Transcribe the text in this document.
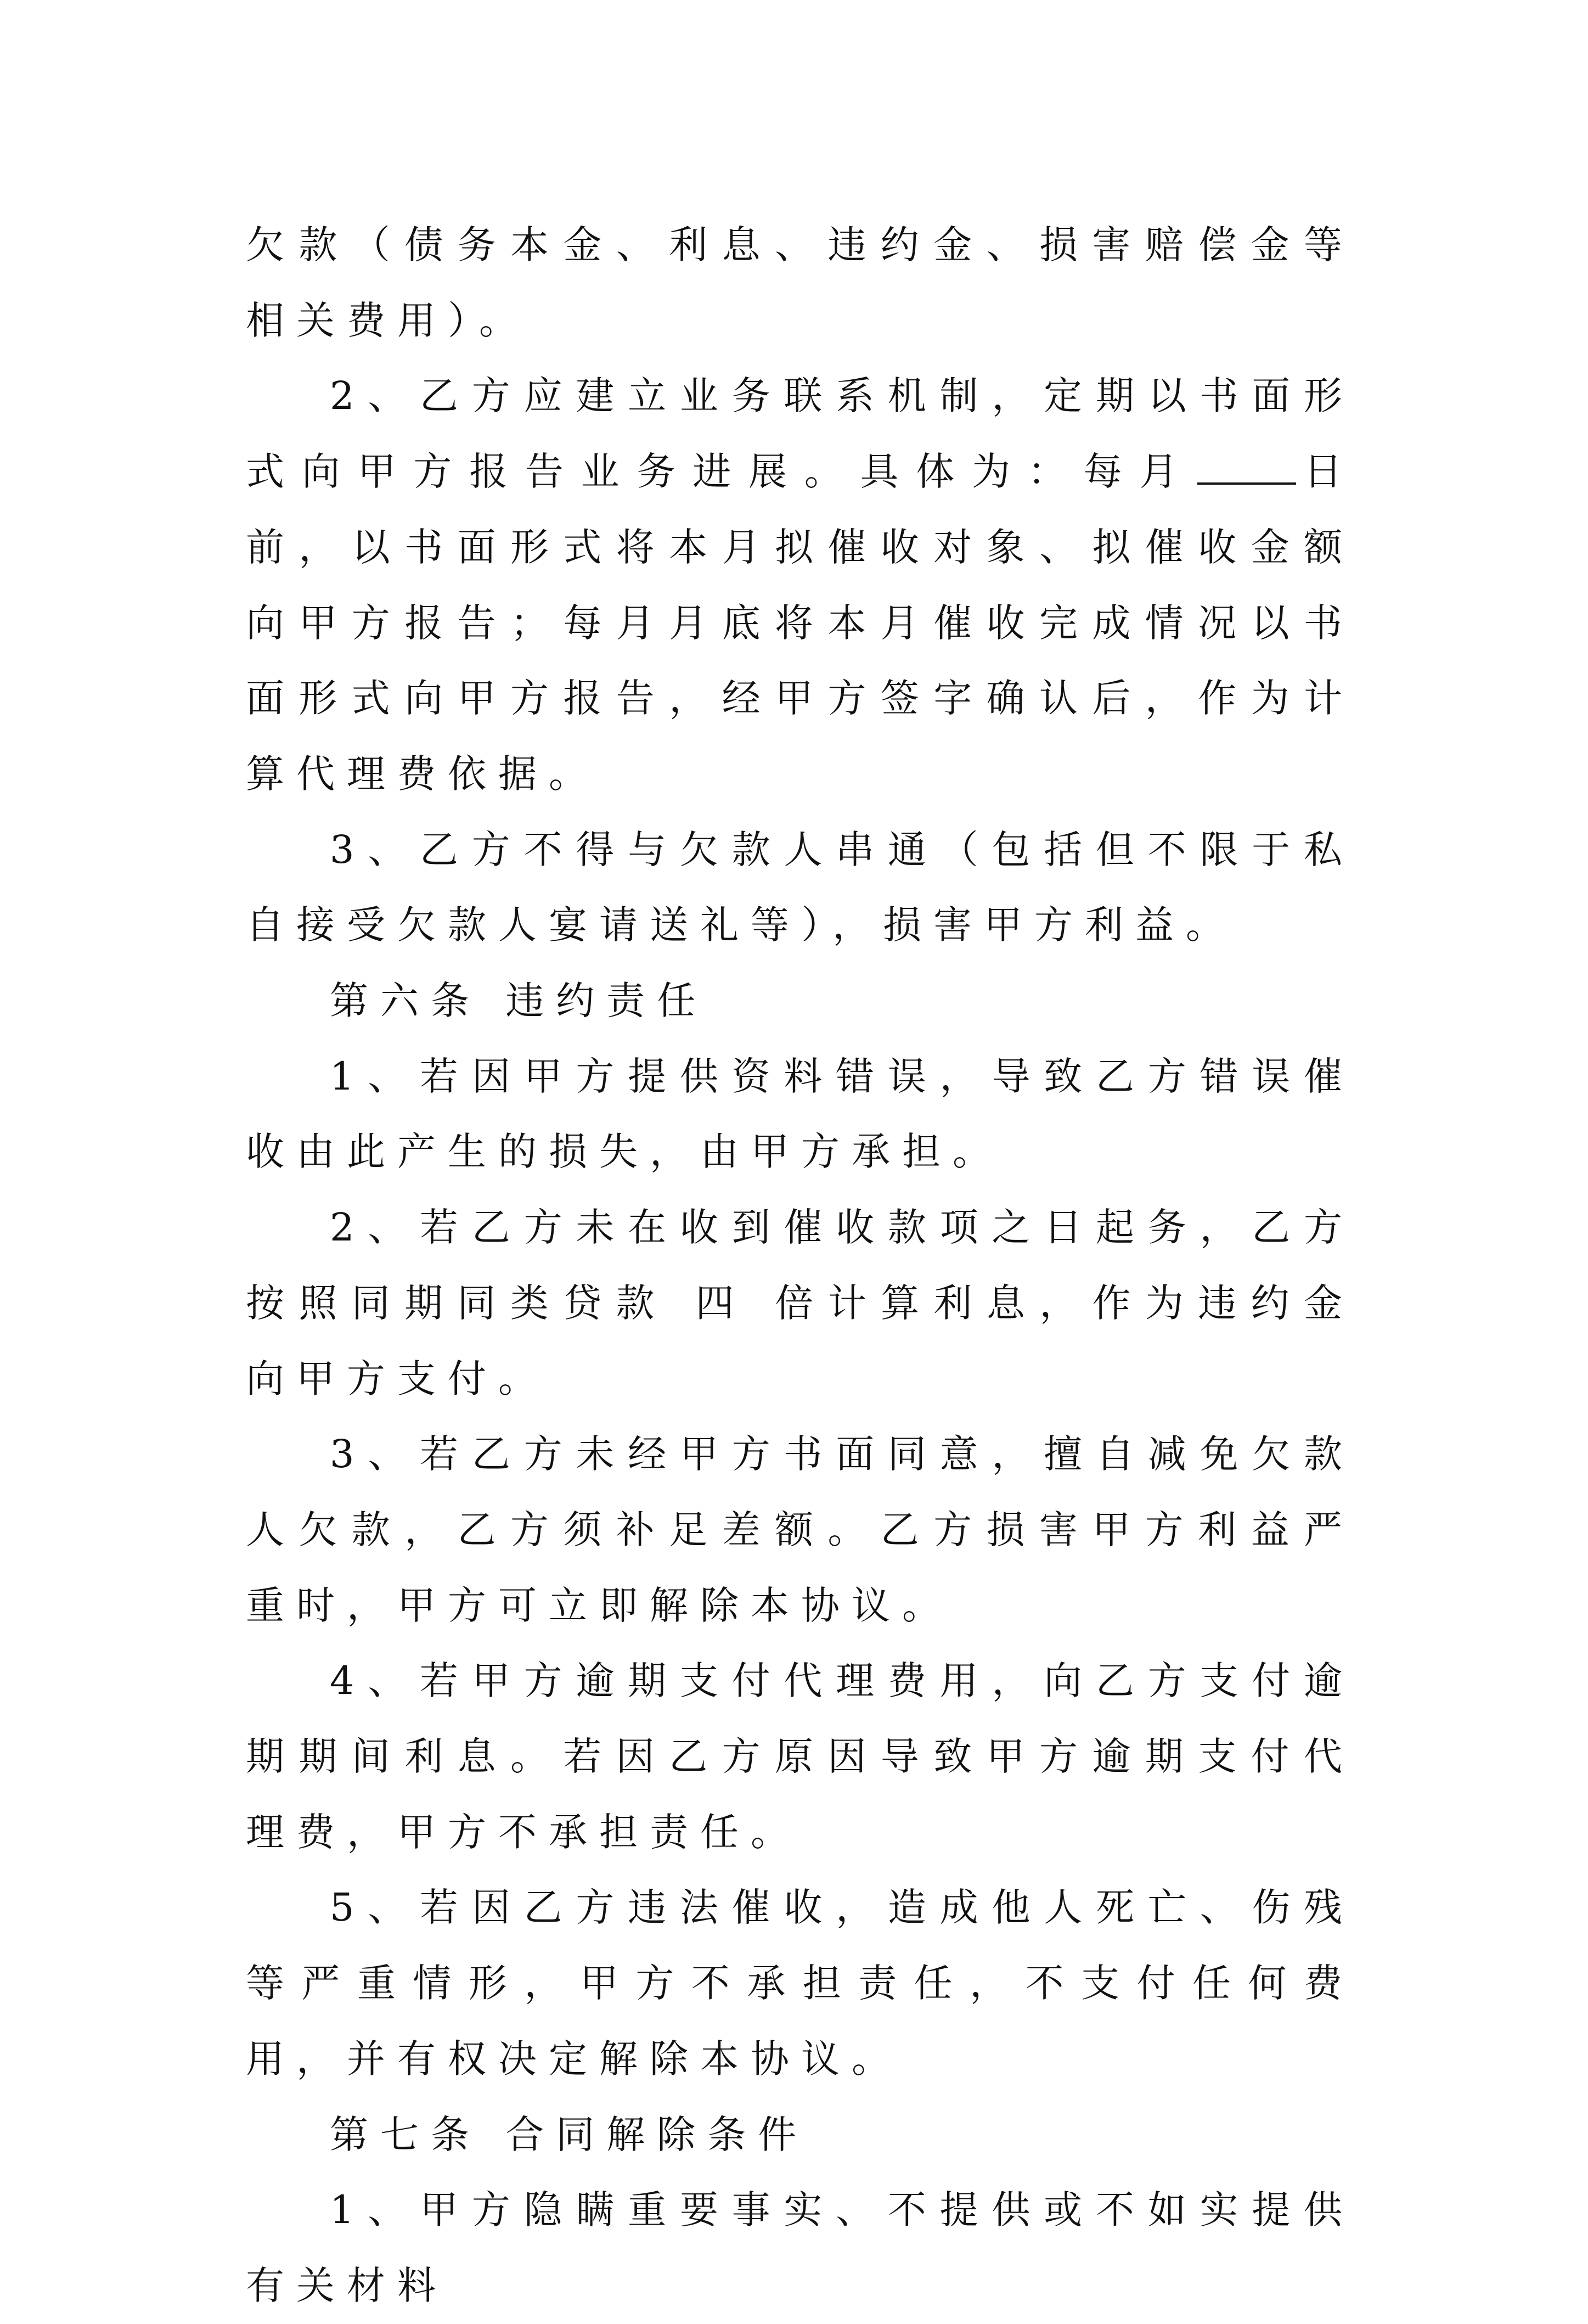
欠款（债务本金、利息、违约金、损害赔偿金等相关费用）。

2、乙方应建立业务联系机制，定期以书面形式向甲方报告业务进展。具体为：每月	日前，以书面形式将本月拟催收对象、拟催收金额向甲方报告；每月月底将本月催收完成情况以书面形式向甲方报告，经甲方签字确认后，作为计算代理费依据。

3、乙方不得与欠款人串通（包括但不限于私自接受欠款人宴请送礼等），损害甲方利益。

第六条 违约责任

1、若因甲方提供资料错误，导致乙方错误催收由此产生的损失，由甲方承担。

2、若乙方未在收到催收款项之日起务，乙方按照同期同类贷款 四 倍计算利息，作为违约金向甲方支付。

3、若乙方未经甲方书面同意，擅自减免欠款人欠款，乙方须补足差额。乙方损害甲方利益严重时，甲方可立即解除本协议。

4、若甲方逾期支付代理费用，向乙方支付逾期期间利息。若因乙方原因导致甲方逾期支付代理费，甲方不承担责任。

5、若因乙方违法催收，造成他人死亡、伤残等严重情形，甲方不承担责任，不支付任何费用，并有权决定解除本协议。

第七条 合同解除条件

1、甲方隐瞒重要事实、不提供或不如实提供有关材料
